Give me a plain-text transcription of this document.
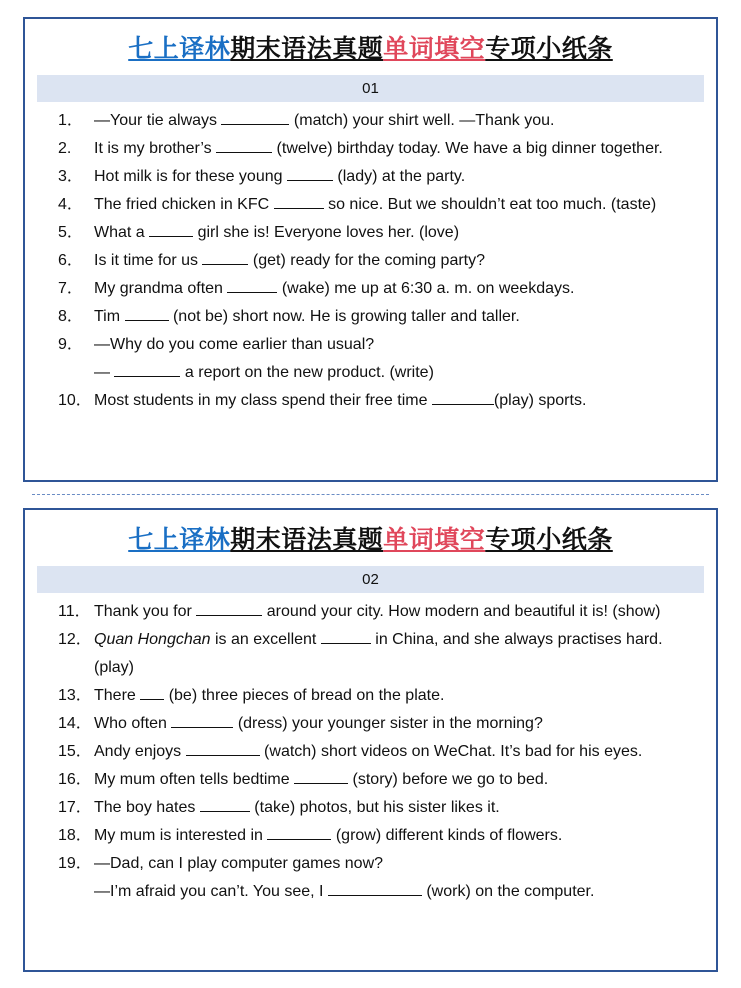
七上译林期末语法真题单词填空专项小纸条
01
1． —Your tie always	(match) your shirt well. —Thank you.
2. It is my brother’s	(twelve) birthday today. We have a big dinner together.
3． Hot milk is for these young	(lady) at the party.
4． The fried chicken in KFC	so nice. But we shouldn’t eat too much. (taste)
5． What a	girl she is! Everyone loves her. (love)
6． Is it time for us	(get) ready for the coming party?
7． My grandma often	(wake) me up at 6:30 a. m. on weekdays.
8． Tim	(not be) short now. He is growing taller and taller.
9． —Why do you come earlier than usual?
—	a report on the new product. (write)
10． Most students in my class spend their free time	(play) sports.
七上译林期末语法真题单词填空专项小纸条
02
11． Thank you for	around your city. How modern and beautiful it is! (show)
12． Quan Hongchan is an excellent	in China, and she always practises hard. (play)
13． There  (be) three pieces of bread on the plate.
14． Who often	(dress) your younger sister in the morning?
15． Andy enjoys	(watch) short videos on WeChat. It’s bad for his eyes.
16． My mum often tells bedtime	(story) before we go to bed.
17． The boy hates	(take) photos, but his sister likes it.
18． My mum is interested in	(grow) different kinds of flowers.
19． —Dad, can I play computer games now?
—I’m afraid you can’t. You see, I	(work) on the computer.
